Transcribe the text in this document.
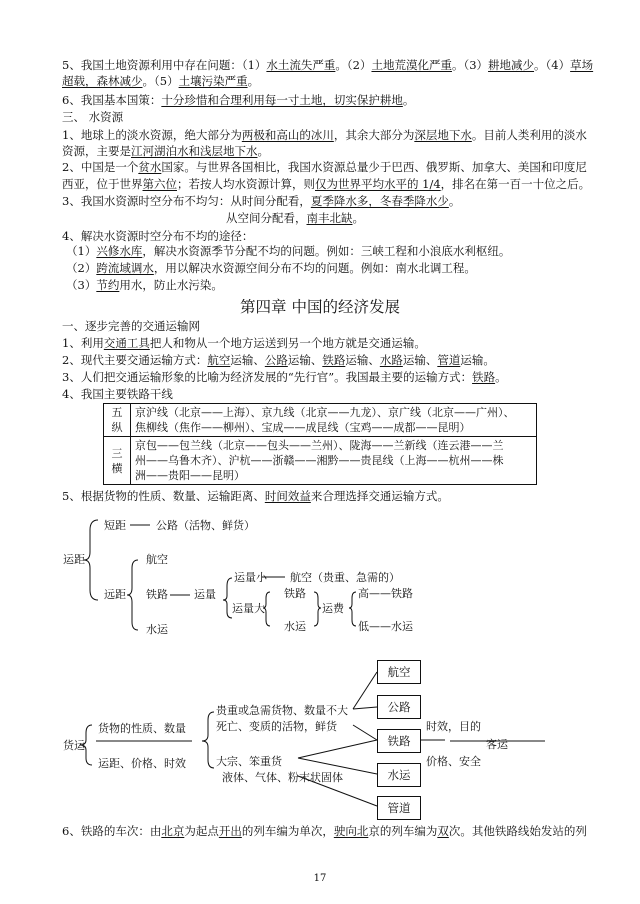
5、我国土地资源利用中存在问题：（1）水土流失严重。（2）土地荒漠化严重。（3）耕地减少。（4）草场
超载，森林减少。（5）土壤污染严重。
6、我国基本国策：十分珍惜和合理利用每一寸土地，切实保护耕地。
三、 水资源
1、地球上的淡水资源，绝大部分为两极和高山的冰川，其余大部分为深层地下水。目前人类利用的淡水
资源，主要是江河湖泊水和浅层地下水。
2、中国是一个贫水国家。与世界各国相比，我国水资源总量少于巴西、俄罗斯、加拿大、美国和印度尼
西亚，位于世界第六位；若按人均水资源计算，则仅为世界平均水平的 1/4，排名在第一百一十位之后。
3、我国水资源时空分布不均匀：从时间分配看，夏季降水多，冬春季降水少。
从空间分配看，南丰北缺。
4、解决水资源时空分布不均的途径：
（1）兴修水库，解决水资源季节分配不均的问题。例如：三峡工程和小浪底水利枢纽。
（2）跨流域调水，用以解决水资源空间分布不均的问题。例如：南水北调工程。
（3）节约用水，防止水污染。
第四章 中国的经济发展
一、逐步完善的交通运输网
1、利用交通工具把人和物从一个地方运送到另一个地方就是交通运输。
2、现代主要交通运输方式：航空运输、公路运输、铁路运输、水路运输、管道运输。
3、人们把交通运输形象的比喻为经济发展的“先行官”。我国最主要的运输方式：铁路。
4、我国主要铁路干线
五
纵	京沪线（北京——上海）、京九线（北京——九龙）、京广线（北京——广州）、
焦柳线（焦作——柳州）、宝成——成昆线（宝鸡——成都——昆明）
三
横	京包——包兰线（北京——包头——兰州）、陇海——兰新线（连云港——兰
州——乌鲁木齐）、沪杭——浙赣——湘黔——贵昆线（上海——杭州——株
洲——贵阳——昆明）
5、根据货物的性质、数量、运输距离、时间效益来合理选择交通运输方式。
运距
短距	公路（活物、鲜货）
远距
航空
铁路
水运
运量
运量小 航空（贵重、急需的）
运量大
铁路
水运
运费
高——铁路
低——水运
货运
货物的性质、数量
运距、价格、时效
贵重或急需货物、数量不大
死亡、变质的活物，鲜货
大宗、笨重货
液体、气体、粉末状固体
航空
公路
铁路
水运
管道
时效，目的
客运
价格、安全
6、铁路的车次：由北京为起点开出的列车编为单次，驶向北京的列车编为双次。其他铁路线始发站的列
17
